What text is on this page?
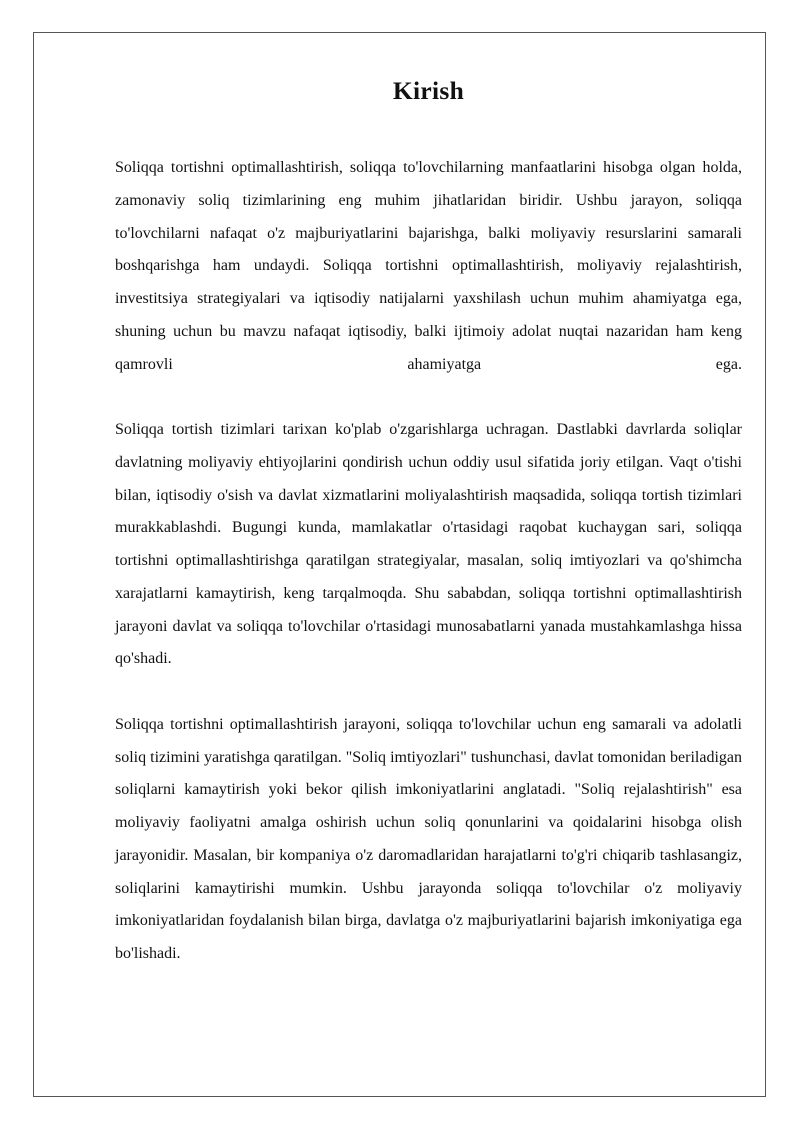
Kirish

Soliqqa tortishni optimallashtirish, soliqqa to'lovchilarning manfaatlarini hisobga olgan holda, zamonaviy soliq tizimlarining eng muhim jihatlaridan biridir. Ushbu jarayon, soliqqa to'lovchilarni nafaqat o'z majburiyatlarini bajarishga, balki moliyaviy resurslarini samarali boshqarishga ham undaydi. Soliqqa tortishni optimallashtirish, moliyaviy rejalashtirish, investitsiya strategiyalari va iqtisodiy natijalarni yaxshilash uchun muhim ahamiyatga ega, shuning uchun bu mavzu nafaqat iqtisodiy, balki ijtimoiy adolat nuqtai nazaridan ham keng qamrovli ahamiyatga ega.

Soliqqa tortish tizimlari tarixan ko'plab o'zgarishlarga uchragan. Dastlabki davrlarda soliqlar davlatning moliyaviy ehtiyojlarini qondirish uchun oddiy usul sifatida joriy etilgan. Vaqt o'tishi bilan, iqtisodiy o'sish va davlat xizmatlarini moliyalashtirish maqsadida, soliqqa tortish tizimlari murakkablashdi. Bugungi kunda, mamlakatlar o'rtasidagi raqobat kuchaygan sari, soliqqa tortishni optimallashtirishga qaratilgan strategiyalar, masalan, soliq imtiyozlari va qo'shimcha xarajatlarni kamaytirish, keng tarqalmoqda. Shu sababdan, soliqqa tortishni optimallashtirish jarayoni davlat va soliqqa to'lovchilar o'rtasidagi munosabatlarni yanada mustahkamlashga hissa qo'shadi.

Soliqqa tortishni optimallashtirish jarayoni, soliqqa to'lovchilar uchun eng samarali va adolatli soliq tizimini yaratishga qaratilgan. "Soliq imtiyozlari" tushunchasi, davlat tomonidan beriladigan soliqlarni kamaytirish yoki bekor qilish imkoniyatlarini anglatadi. "Soliq rejalashtirish" esa moliyaviy faoliyatni amalga oshirish uchun soliq qonunlarini va qoidalarini hisobga olish jarayonidir. Masalan, bir kompaniya o'z daromadlaridan harajatlarni to'g'ri chiqarib tashlasangiz, soliqlarini kamaytirishi mumkin. Ushbu jarayonda soliqqa to'lovchilar o'z moliyaviy imkoniyatlaridan foydalanish bilan birga, davlatga o'z majburiyatlarini bajarish imkoniyatiga ega bo'lishadi.
